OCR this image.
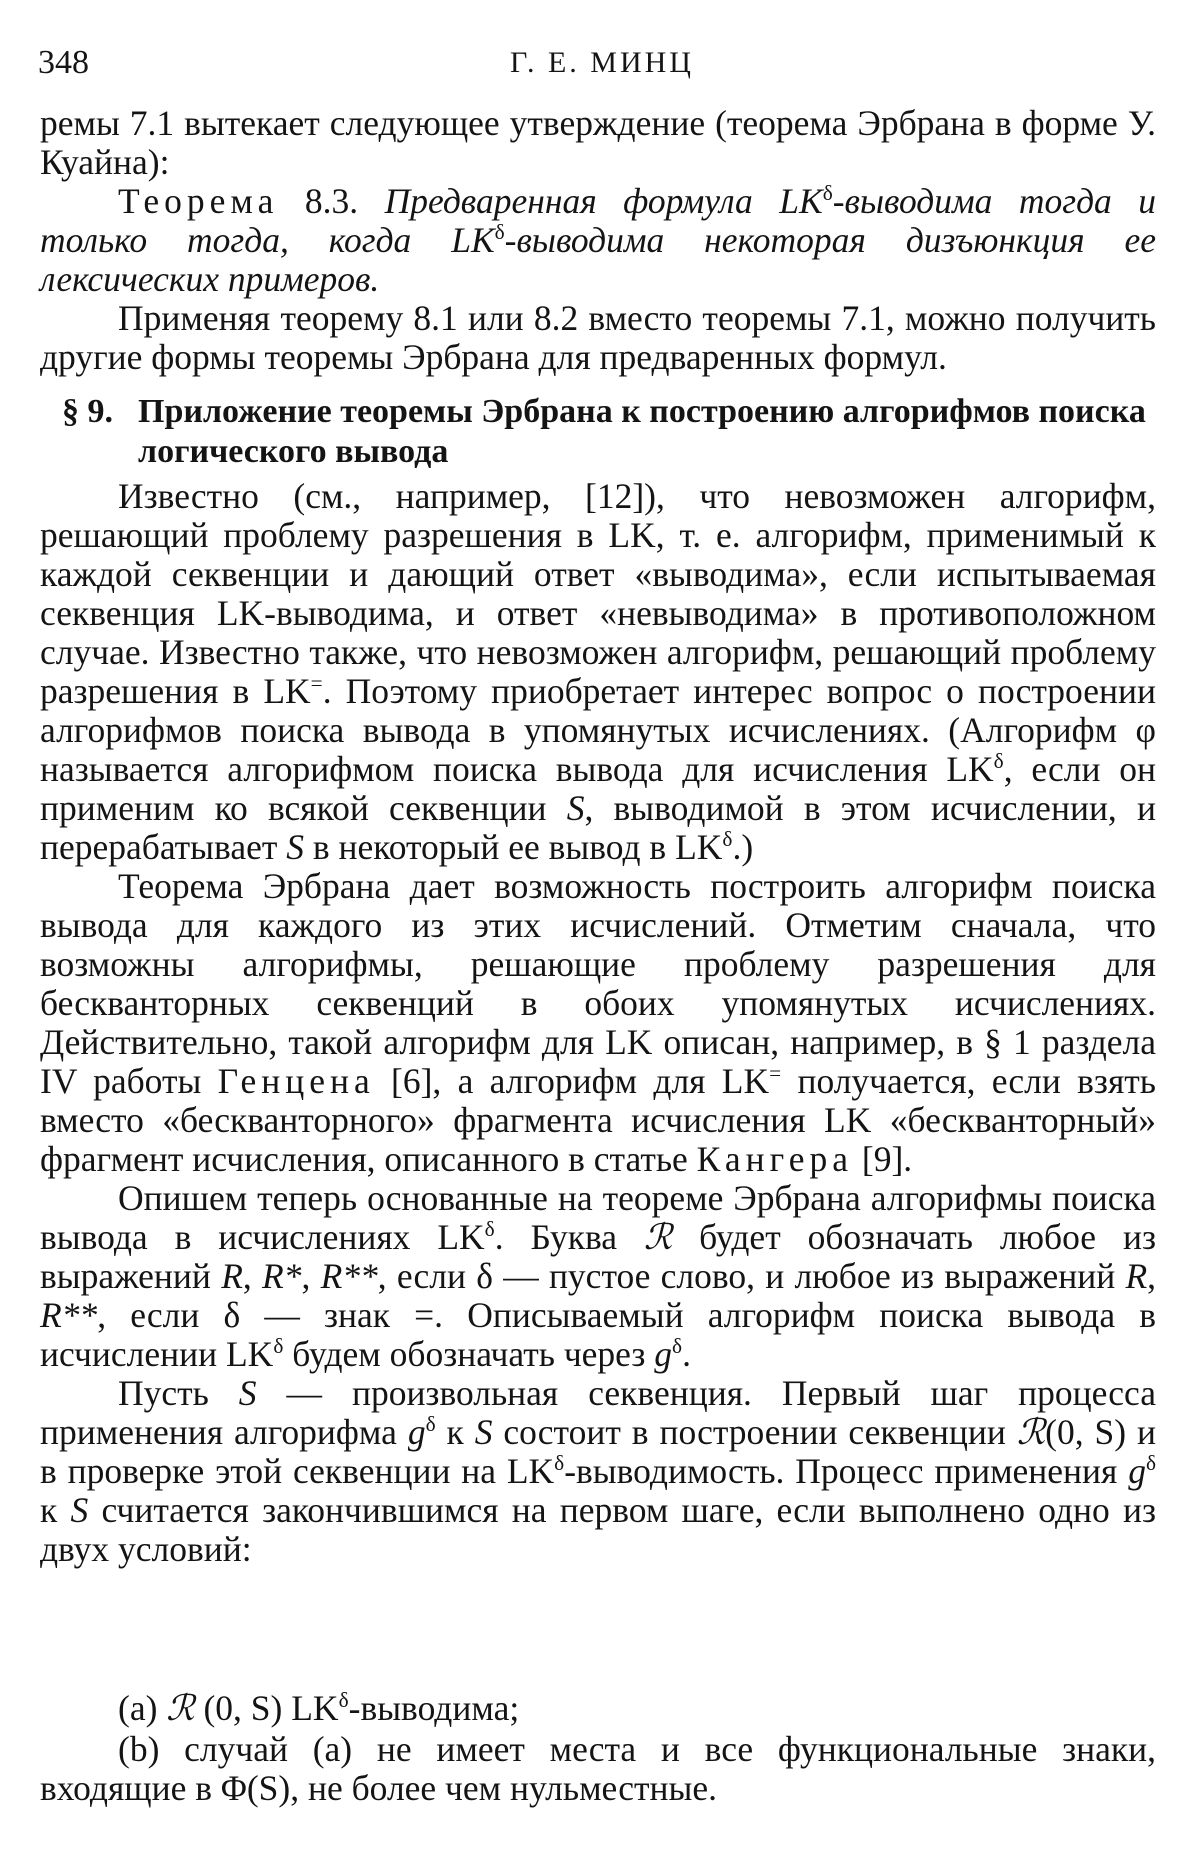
348	Г. Е. МИНЦ

ремы 7.1 вытекает следующее утверждение (теорема Эрбрана в форме У. Куайна):

Теорема 8.3. Предваренная формула $LK^\delta$-выводима тогда и только тогда, когда $LK^\delta$-выводима некоторая дизъюнкция ее лексических примеров.

Применяя теорему 8.1 или 8.2 вместо теоремы 7.1, можно получить другие формы теоремы Эрбрана для предваренных формул.

§ 9. Приложение теоремы Эрбрана к построению алгорифмов поиска логического вывода

Известно (см., например, [12]), что невозможен алгорифм, решающий проблему разрешения в LK, т. е. алгорифм, применимый к каждой секвенции и дающий ответ «выводима», если испытываемая секвенция LK-выводима, и ответ «невыводима» в противоположном случае. Известно также, что невозможен алгорифм, решающий проблему разрешения в LK=. Поэтому приобретает интерес вопрос о построении алгорифмов поиска вывода в упомянутых исчислениях. (Алгорифм φ называется алгорифмом поиска вывода для исчисления $LK^\delta$, если он применим ко всякой секвенции S, выводимой в этом исчислении, и перерабатывает S в некоторый ее вывод в $LK^\delta$.)

Теорема Эрбрана дает возможность построить алгорифм поиска вывода для каждого из этих исчислений. Отметим сначала, что возможны алгорифмы, решающие проблему разрешения для бескванторных секвенций в обоих упомянутых исчислениях. Действительно, такой алгорифм для LK описан, например, в § 1 раздела IV работы Генцена [6], а алгорифм для LK= получается, если взять вместо «бескванторного» фрагмента исчисления LK «бескванторный» фрагмент исчисления, описанного в статье Кангера [9].

Опишем теперь основанные на теореме Эрбрана алгорифмы поиска вывода в исчислениях $LK^\delta$. Буква ℛ будет обозначать любое из выражений R, R*, R**, если δ — пустое слово, и любое из выражений R, R**, если δ — знак =. Описываемый алгорифм поиска вывода в исчислении $LK^\delta$ будем обозначать через $g^\delta$.

Пусть S — произвольная секвенция. Первый шаг процесса применения алгорифма $g^\delta$ к S состоит в построении секвенции ℛ(0, S) и в проверке этой секвенции на $LK^\delta$-выводимость. Процесс применения $g^\delta$ к S считается закончившимся на первом шаге, если выполнено одно из двух условий:

(a) ℛ (0, S) $LK^\delta$-выводима;
(b) случай (a) не имеет места и все функциональные знаки, входящие в Φ(S), не более чем нульместные.
